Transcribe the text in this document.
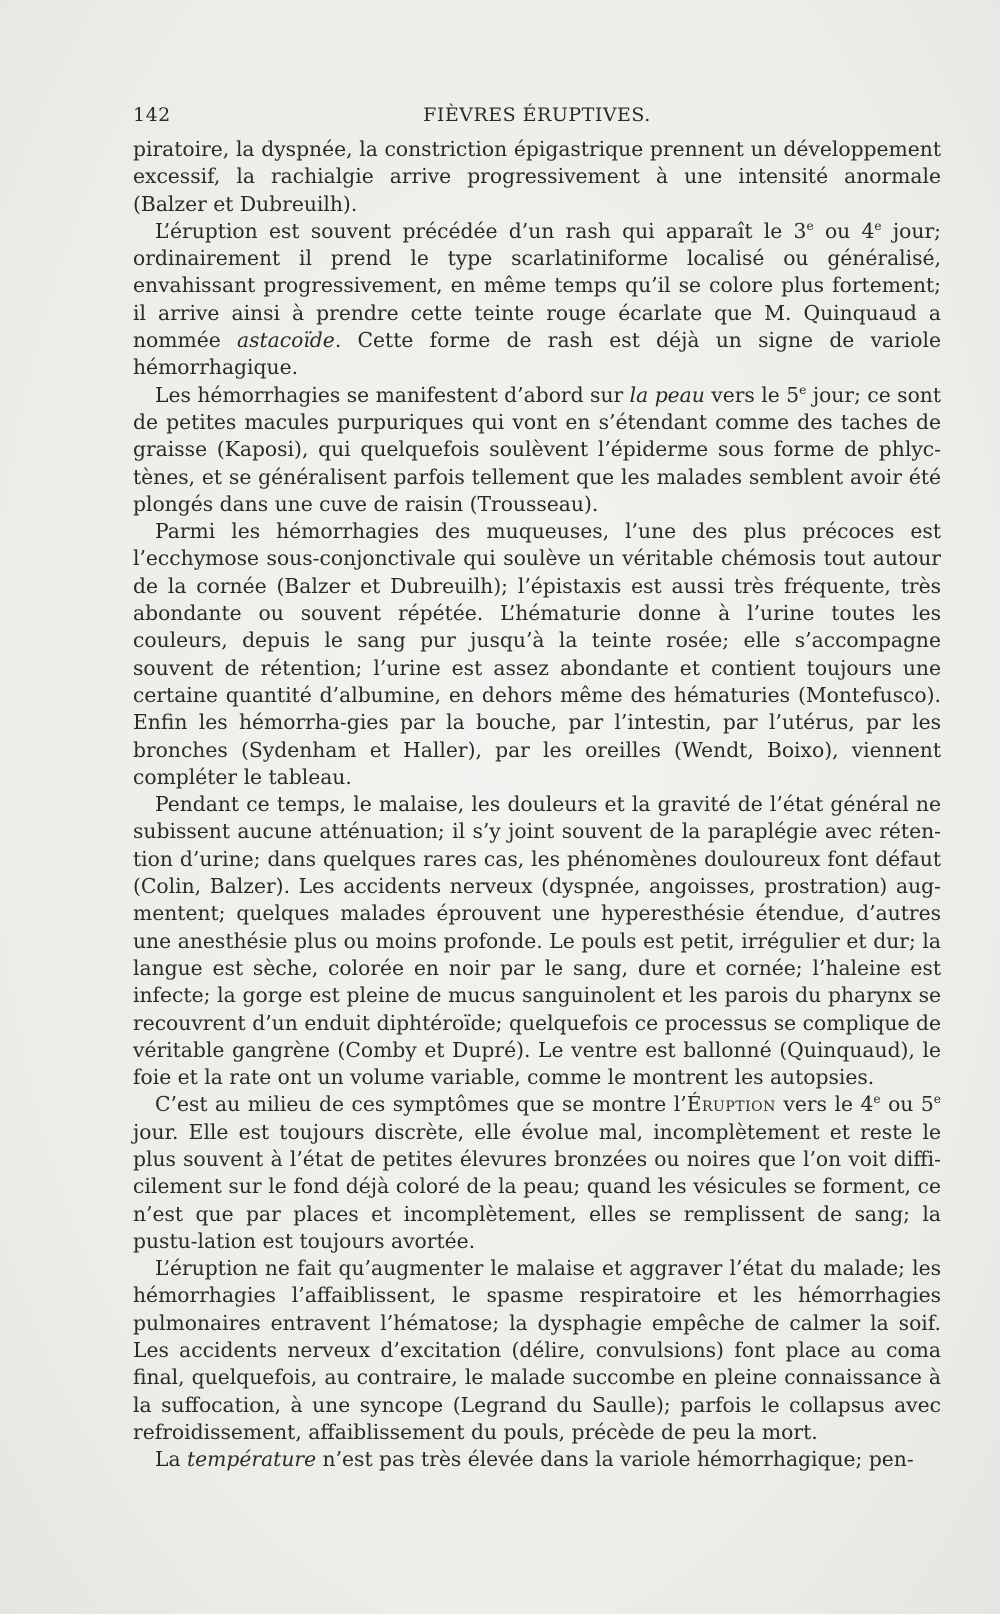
142	FIÈVRES ÉRUPTIVES.

piratoire, la dyspnée, la constriction épigastrique prennent un développement excessif, la rachialgie arrive progressivement à une intensité anormale (Balzer et Dubreuilh).

L’éruption est souvent précédée d’un rash qui apparaît le 3e ou 4e jour; ordinairement il prend le type scarlatiniforme localisé ou généralisé, envahissant progressivement, en même temps qu’il se colore plus fortement; il arrive ainsi à prendre cette teinte rouge écarlate que M. Quinquaud a nommée astacoïde. Cette forme de rash est déjà un signe de variole hémorrhagique.

Les hémorrhagies se manifestent d’abord sur la peau vers le 5e jour; ce sont de petites macules purpuriques qui vont en s’étendant comme des taches de graisse (Kaposi), qui quelquefois soulèvent l’épiderme sous forme de phlyc-tènes, et se généralisent parfois tellement que les malades semblent avoir été plongés dans une cuve de raisin (Trousseau).

Parmi les hémorrhagies des muqueuses, l’une des plus précoces est l’ecchymose sous-conjonctivale qui soulève un véritable chémosis tout autour de la cornée (Balzer et Dubreuilh); l’épistaxis est aussi très fréquente, très abondante ou souvent répétée. L’hématurie donne à l’urine toutes les couleurs, depuis le sang pur jusqu’à la teinte rosée; elle s’accompagne souvent de rétention; l’urine est assez abondante et contient toujours une certaine quantité d’albumine, en dehors même des hématuries (Montefusco). Enfin les hémorrha-gies par la bouche, par l’intestin, par l’utérus, par les bronches (Sydenham et Haller), par les oreilles (Wendt, Boixo), viennent compléter le tableau.

Pendant ce temps, le malaise, les douleurs et la gravité de l’état général ne subissent aucune atténuation; il s’y joint souvent de la paraplégie avec réten-tion d’urine; dans quelques rares cas, les phénomènes douloureux font défaut (Colin, Balzer). Les accidents nerveux (dyspnée, angoisses, prostration) aug-mentent; quelques malades éprouvent une hyperesthésie étendue, d’autres une anesthésie plus ou moins profonde. Le pouls est petit, irrégulier et dur; la langue est sèche, colorée en noir par le sang, dure et cornée; l’haleine est infecte; la gorge est pleine de mucus sanguinolent et les parois du pharynx se recouvrent d’un enduit diphtéroïde; quelquefois ce processus se complique de véritable gangrène (Comby et Dupré). Le ventre est ballonné (Quinquaud), le foie et la rate ont un volume variable, comme le montrent les autopsies.

C’est au milieu de ces symptômes que se montre l’Éruption vers le 4e ou 5e jour. Elle est toujours discrète, elle évolue mal, incomplètement et reste le plus souvent à l’état de petites élevures bronzées ou noires que l’on voit diffi-cilement sur le fond déjà coloré de la peau; quand les vésicules se forment, ce n’est que par places et incomplètement, elles se remplissent de sang; la pustu-lation est toujours avortée.

L’éruption ne fait qu’augmenter le malaise et aggraver l’état du malade; les hémorrhagies l’affaiblissent, le spasme respiratoire et les hémorrhagies pulmonaires entravent l’hématose; la dysphagie empêche de calmer la soif. Les accidents nerveux d’excitation (délire, convulsions) font place au coma final, quelquefois, au contraire, le malade succombe en pleine connaissance à la suffocation, à une syncope (Legrand du Saulle); parfois le collapsus avec refroidissement, affaiblissement du pouls, précède de peu la mort.

La température n’est pas très élevée dans la variole hémorrhagique; pen-
